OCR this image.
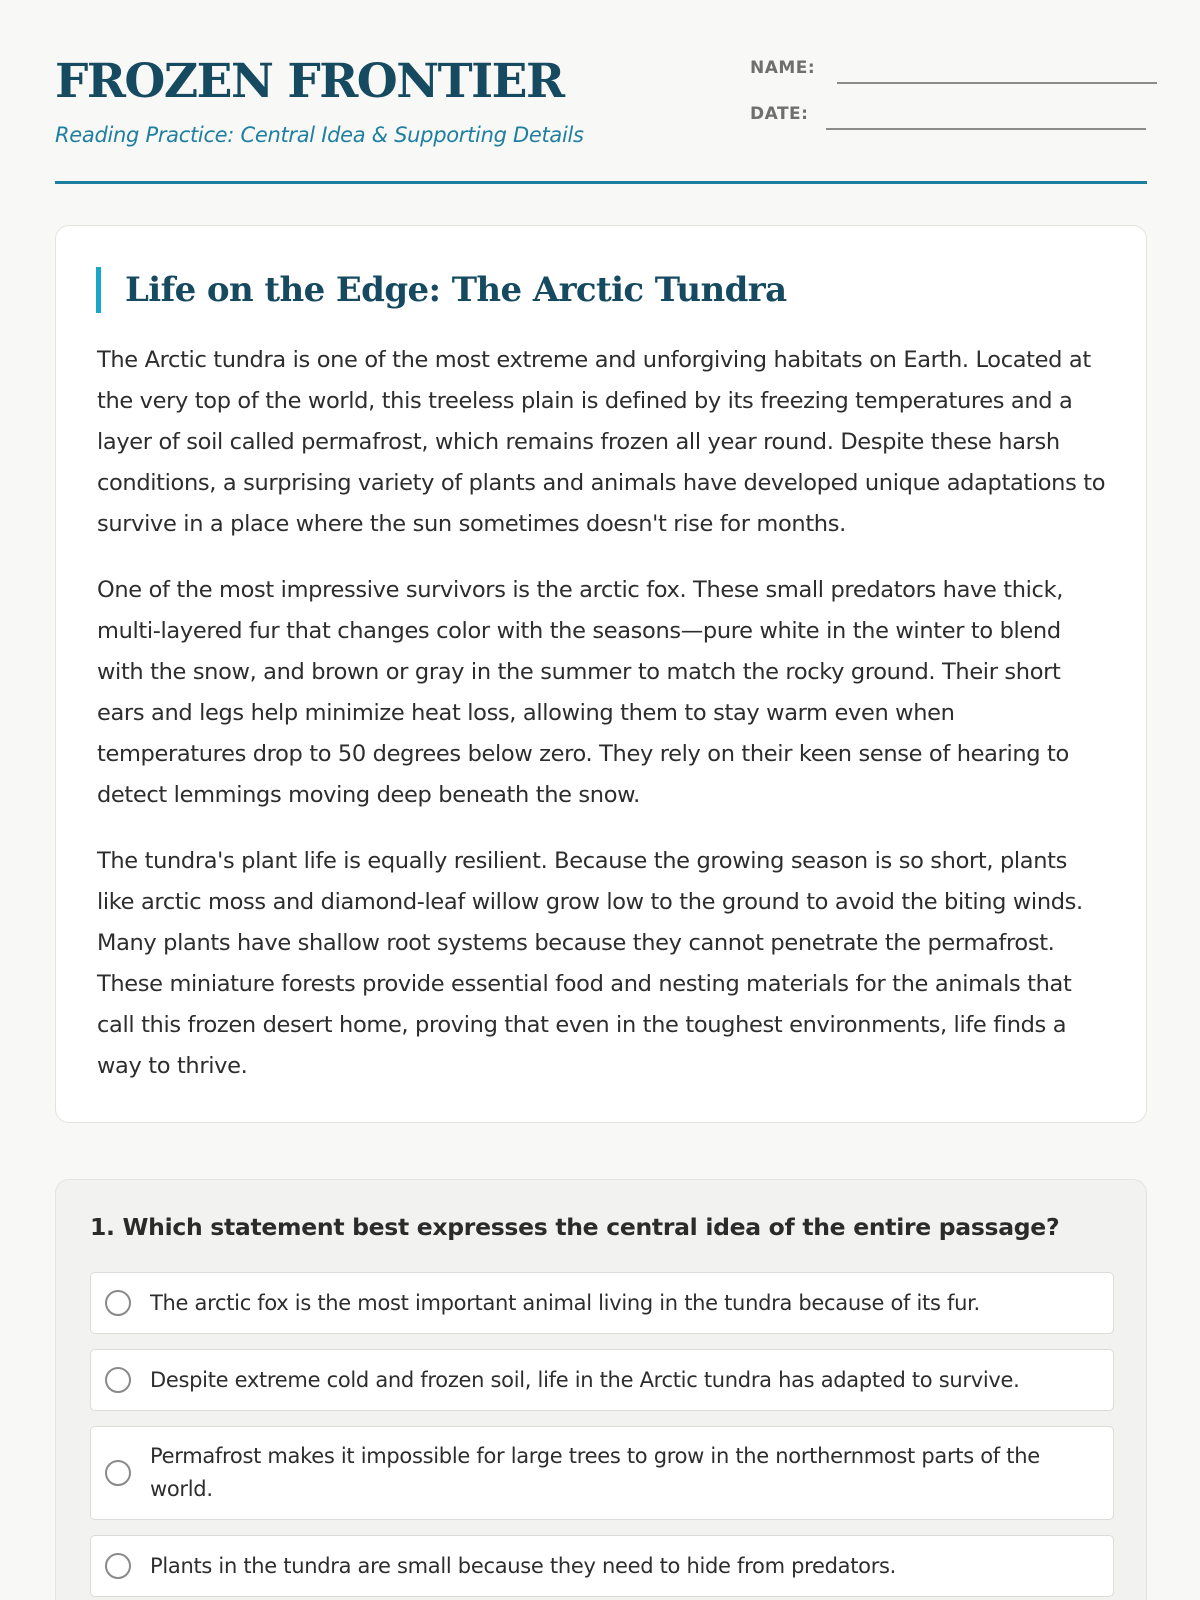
FROZEN FRONTIER
Reading Practice: Central Idea & Supporting Details
NAME:
DATE:
Life on the Edge: The Arctic Tundra

The Arctic tundra is one of the most extreme and unforgiving habitats on Earth. Located at the very top of the world, this treeless plain is defined by its freezing temperatures and a layer of soil called permafrost, which remains frozen all year round. Despite these harsh conditions, a surprising variety of plants and animals have developed unique adaptations to survive in a place where the sun sometimes doesn't rise for months.

One of the most impressive survivors is the arctic fox. These small predators have thick, multi-layered fur that changes color with the seasons—pure white in the winter to blend with the snow, and brown or gray in the summer to match the rocky ground. Their short ears and legs help minimize heat loss, allowing them to stay warm even when temperatures drop to 50 degrees below zero. They rely on their keen sense of hearing to detect lemmings moving deep beneath the snow.

The tundra's plant life is equally resilient. Because the growing season is so short, plants like arctic moss and diamond-leaf willow grow low to the ground to avoid the biting winds. Many plants have shallow root systems because they cannot penetrate the permafrost. These miniature forests provide essential food and nesting materials for the animals that call this frozen desert home, proving that even in the toughest environments, life finds a way to thrive.

1. Which statement best expresses the central idea of the entire passage?
The arctic fox is the most important animal living in the tundra because of its fur.
Despite extreme cold and frozen soil, life in the Arctic tundra has adapted to survive.
Permafrost makes it impossible for large trees to grow in the northernmost parts of the world.
Plants in the tundra are small because they need to hide from predators.
